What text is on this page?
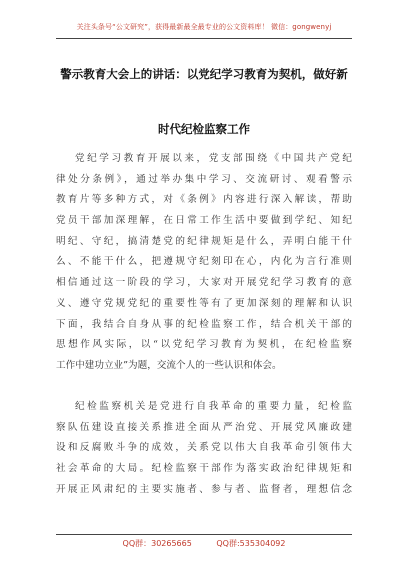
关注头条号“公文研究”，获得最新最全最专业的公文资料库！ 微信：gongwenyj
警示教育大会上的讲话：以党纪学习教育为契机，做好新
时代纪检监察工作
党纪学习教育开展以来，党支部围绕《中国共产党纪
律处分条例》，通过举办集中学习、交流研讨、观看警示
教育片等多种方式，对《条例》内容进行深入解读，帮助
党员干部加深理解，在日常工作生活中要做到学纪、知纪
明纪、守纪，搞清楚党的纪律规矩是什么，弄明白能干什
么、不能干什么，把遵规守纪刻印在心，内化为言行准则
相信通过这一阶段的学习，大家对开展党纪学习教育的意
义、遵守党规党纪的重要性等有了更加深刻的理解和认识
下面，我结合自身从事的纪检监察工作，结合机关干部的
思想作风实际，以“以党纪学习教育为契机，在纪检监察
工作中建功立业”为题，交流个人的一些认识和体会。
纪检监察机关是党进行自我革命的重要力量，纪检监
察队伍建设直接关系推进全面从严治党、开展党风廉政建
设和反腐败斗争的成效，关系党以伟大自我革命引领伟大
社会革命的大局。纪检监察干部作为落实政治纪律规矩和
开展正风肃纪的主要实施者、参与者、监督者，理想信念
QQ群：30265665	QQ群:535304092
